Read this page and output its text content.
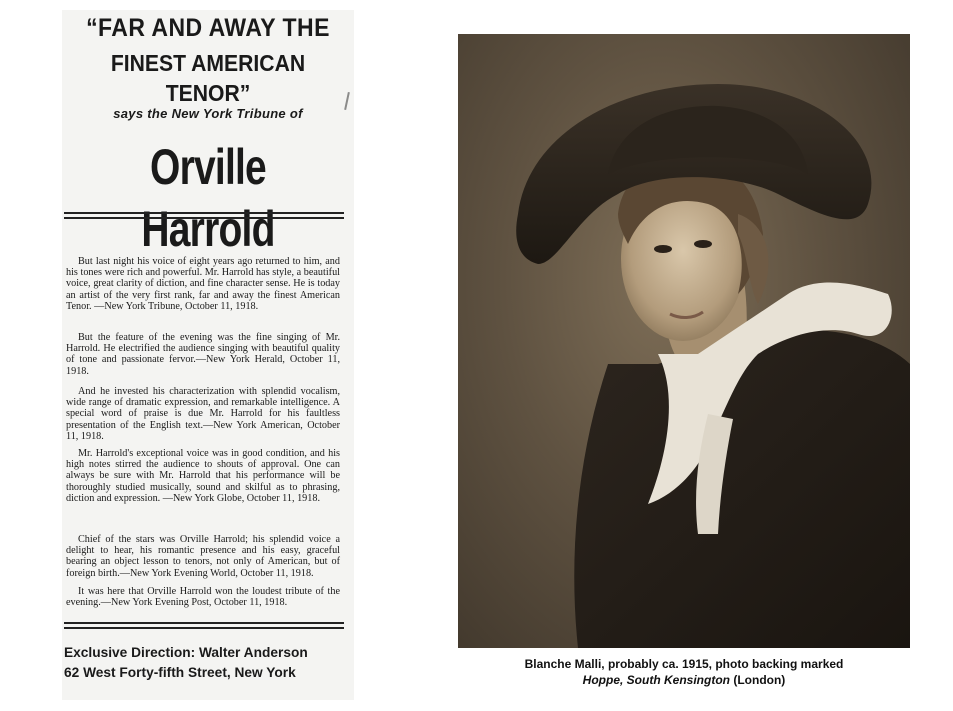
“FAR AND AWAY THE
FINEST AMERICAN TENOR”
says the New York Tribune of
Orville Harrold

But last night his voice of eight years ago returned to him, and his tones were rich and powerful. Mr. Harrold has style, a beautiful voice, great clarity of diction, and fine character sense. He is today an artist of the very first rank, far and away the finest American Tenor. —New York Tribune, October 11, 1918.

But the feature of the evening was the fine singing of Mr. Harrold. He electrified the audience singing with beautiful quality of tone and passionate fervor.—New York Herald, October 11, 1918.

And he invested his characterization with splendid vocalism, wide range of dramatic expression, and remarkable intelligence. A special word of praise is due Mr. Harrold for his faultless presentation of the English text.—New York American, October 11, 1918.

Mr. Harrold's exceptional voice was in good condition, and his high notes stirred the audience to shouts of approval. One can always be sure with Mr. Harrold that his performance will be thoroughly studied musically, sound and skilful as to phrasing, diction and expression. —New York Globe, October 11, 1918.

Chief of the stars was Orville Harrold; his splendid voice a delight to hear, his romantic presence and his easy, graceful bearing an object lesson to tenors, not only of American, but of foreign birth.—New York Evening World, October 11, 1918.

It was here that Orville Harrold won the loudest tribute of the evening.—New York Evening Post, October 11, 1918.

Exclusive Direction: Walter Anderson
62 West Forty-fifth Street, New York	Blanche Malli, probably ca. 1915, photo backing marked
Hoppe, South Kensington (London)
